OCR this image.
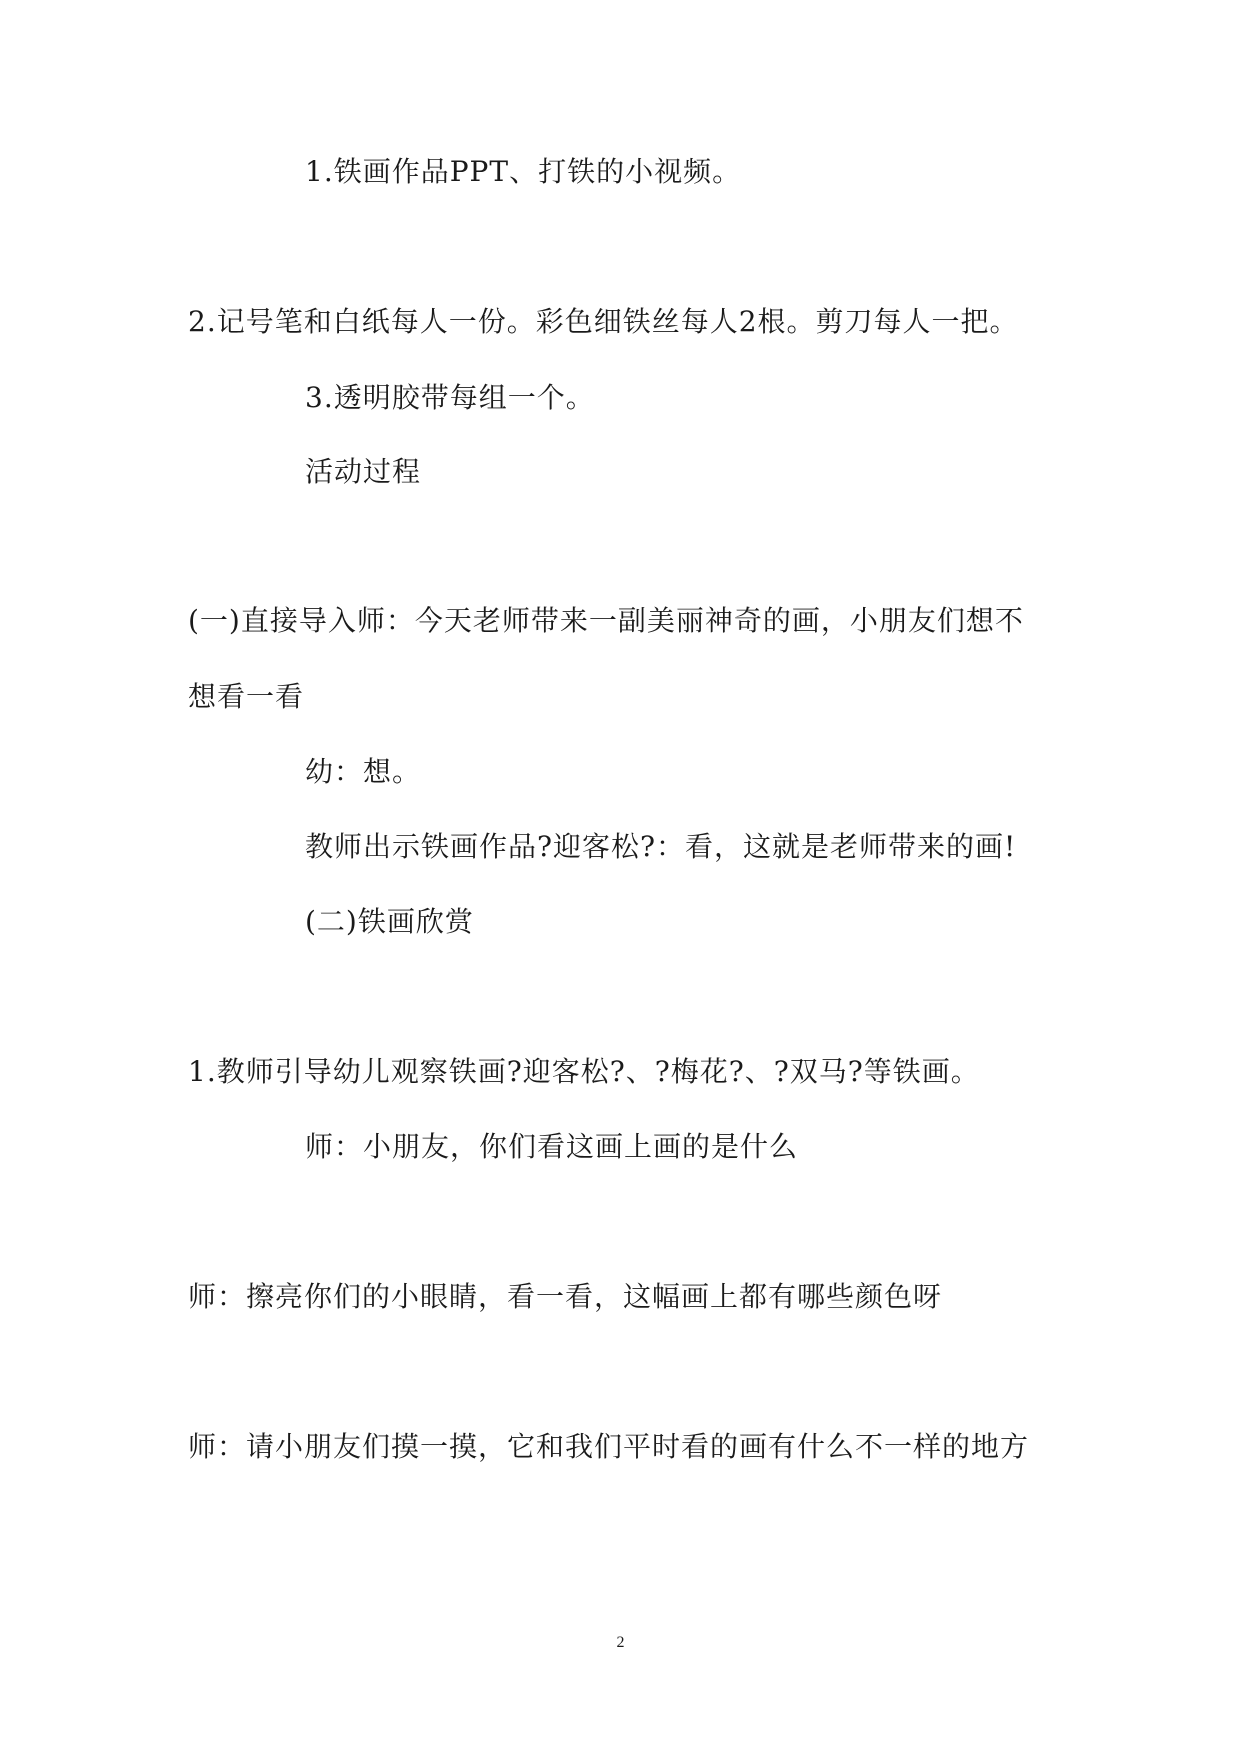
1.铁画作品PPT、打铁的小视频。
2.记号笔和白纸每人一份。彩色细铁丝每人2根。剪刀每人一把。
3.透明胶带每组一个。
活动过程
(一)直接导入师：今天老师带来一副美丽神奇的画，小朋友们想不
想看一看
幼：想。
教师出示铁画作品?迎客松?：看，这就是老师带来的画!
(二)铁画欣赏
1.教师引导幼儿观察铁画?迎客松?、?梅花?、?双马?等铁画。
师：小朋友，你们看这画上画的是什么
师：擦亮你们的小眼睛，看一看，这幅画上都有哪些颜色呀
师：请小朋友们摸一摸，它和我们平时看的画有什么不一样的地方
2
